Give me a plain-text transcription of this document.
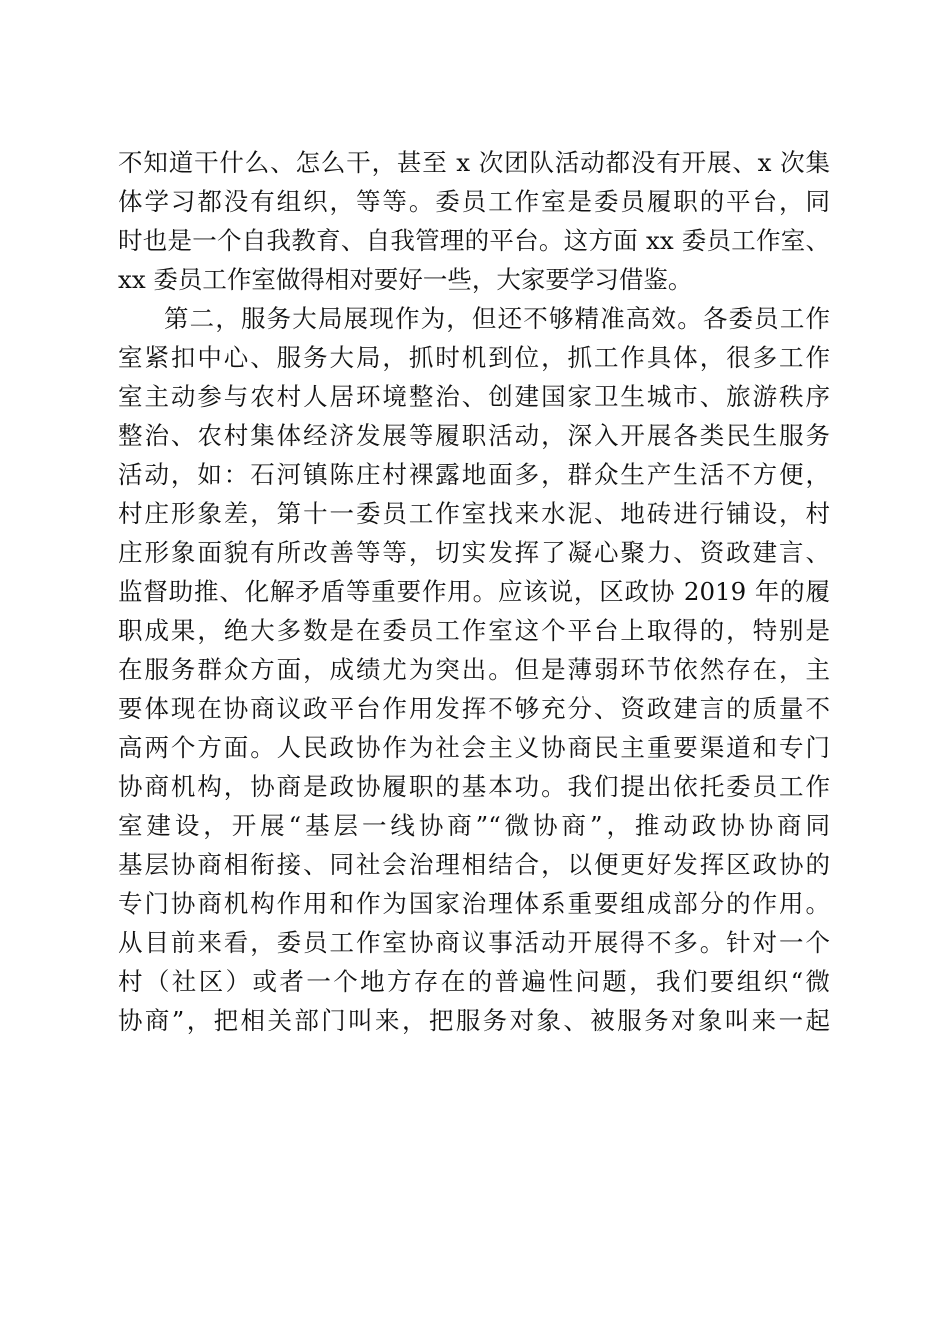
不知道干什么、怎么干，甚至 x 次团队活动都没有开展、x 次集
体学习都没有组织，等等。委员工作室是委员履职的平台，同
时也是一个自我教育、自我管理的平台。这方面 xx 委员工作室、
xx 委员工作室做得相对要好一些，大家要学习借鉴。
第二，服务大局展现作为，但还不够精准高效。各委员工作
室紧扣中心、服务大局，抓时机到位，抓工作具体，很多工作
室主动参与农村人居环境整治、创建国家卫生城市、旅游秩序
整治、农村集体经济发展等履职活动，深入开展各类民生服务
活动，如：石河镇陈庄村裸露地面多，群众生产生活不方便，
村庄形象差，第十一委员工作室找来水泥、地砖进行铺设，村
庄形象面貌有所改善等等，切实发挥了凝心聚力、资政建言、
监督助推、化解矛盾等重要作用。应该说，区政协 2019 年的履
职成果，绝大多数是在委员工作室这个平台上取得的，特别是
在服务群众方面，成绩尤为突出。但是薄弱环节依然存在，主
要体现在协商议政平台作用发挥不够充分、资政建言的质量不
高两个方面。人民政协作为社会主义协商民主重要渠道和专门
协商机构，协商是政协履职的基本功。我们提出依托委员工作
室建设，开展“基层一线协商”“微协商”，推动政协协商同
基层协商相衔接、同社会治理相结合，以便更好发挥区政协的
专门协商机构作用和作为国家治理体系重要组成部分的作用。
从目前来看，委员工作室协商议事活动开展得不多。针对一个
村（社区）或者一个地方存在的普遍性问题，我们要组织“微
协商”，把相关部门叫来，把服务对象、被服务对象叫来一起
